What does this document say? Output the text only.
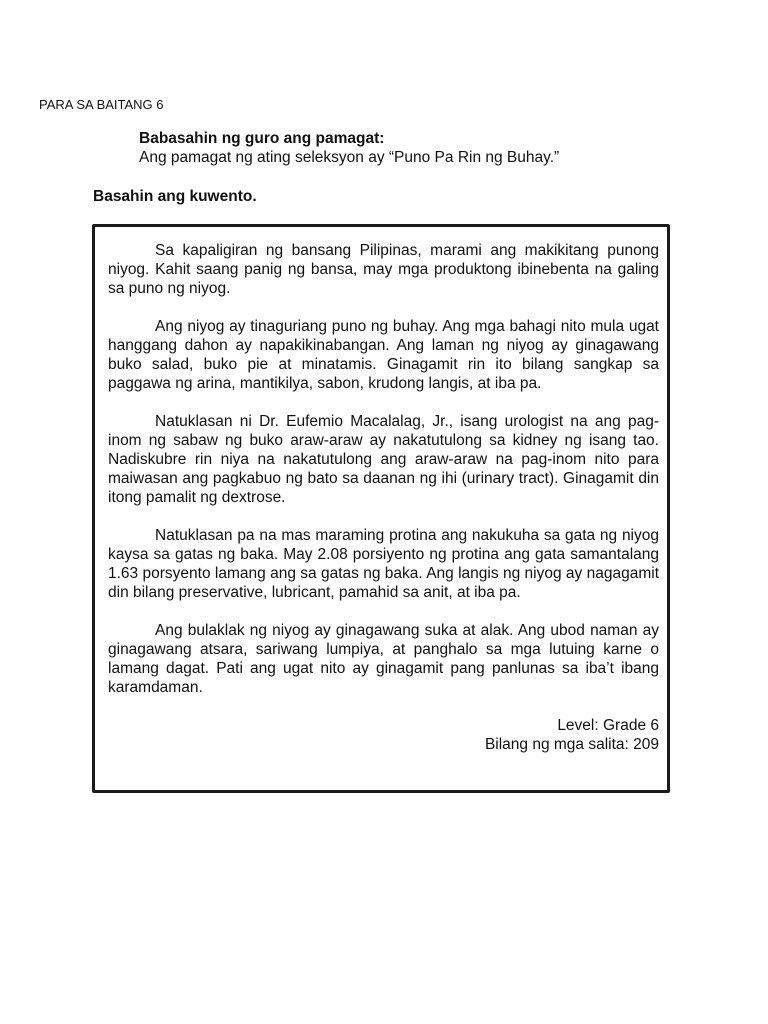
PARA SA BAITANG 6
Babasahin ng guro ang pamagat:
Ang pamagat ng ating seleksyon ay “Puno Pa Rin ng Buhay.”
Basahin ang kuwento.

Sa kapaligiran ng bansang Pilipinas, marami ang makikitang punong niyog. Kahit saang panig ng bansa, may mga produktong ibinebenta na galing sa puno ng niyog.

Ang niyog ay tinaguriang puno ng buhay. Ang mga bahagi nito mula ugat hanggang dahon ay napakikinabangan. Ang laman ng niyog ay ginagawang buko salad, buko pie at minatamis. Ginagamit rin ito bilang sangkap sa paggawa ng arina, mantikilya, sabon, krudong langis, at iba pa.

Natuklasan ni Dr. Eufemio Macalalag, Jr., isang urologist na ang pag-inom ng sabaw ng buko araw-araw ay nakatutulong sa kidney ng isang tao. Nadiskubre rin niya na nakatutulong ang araw-araw na pag-inom nito para maiwasan ang pagkabuo ng bato sa daanan ng ihi (urinary tract). Ginagamit din itong pamalit ng dextrose.

Natuklasan pa na mas maraming protina ang nakukuha sa gata ng niyog kaysa sa gatas ng baka. May 2.08 porsiyento ng protina ang gata samantalang 1.63 porsyento lamang ang sa gatas ng baka. Ang langis ng niyog ay nagagamit din bilang preservative, lubricant, pamahid sa anit, at iba pa.

Ang bulaklak ng niyog ay ginagawang suka at alak. Ang ubod naman ay ginagawang atsara, sariwang lumpiya, at panghalo sa mga lutuing karne o lamang dagat. Pati ang ugat nito ay ginagamit pang panlunas sa iba’t ibang karamdaman.

Level: Grade 6
Bilang ng mga salita: 209
